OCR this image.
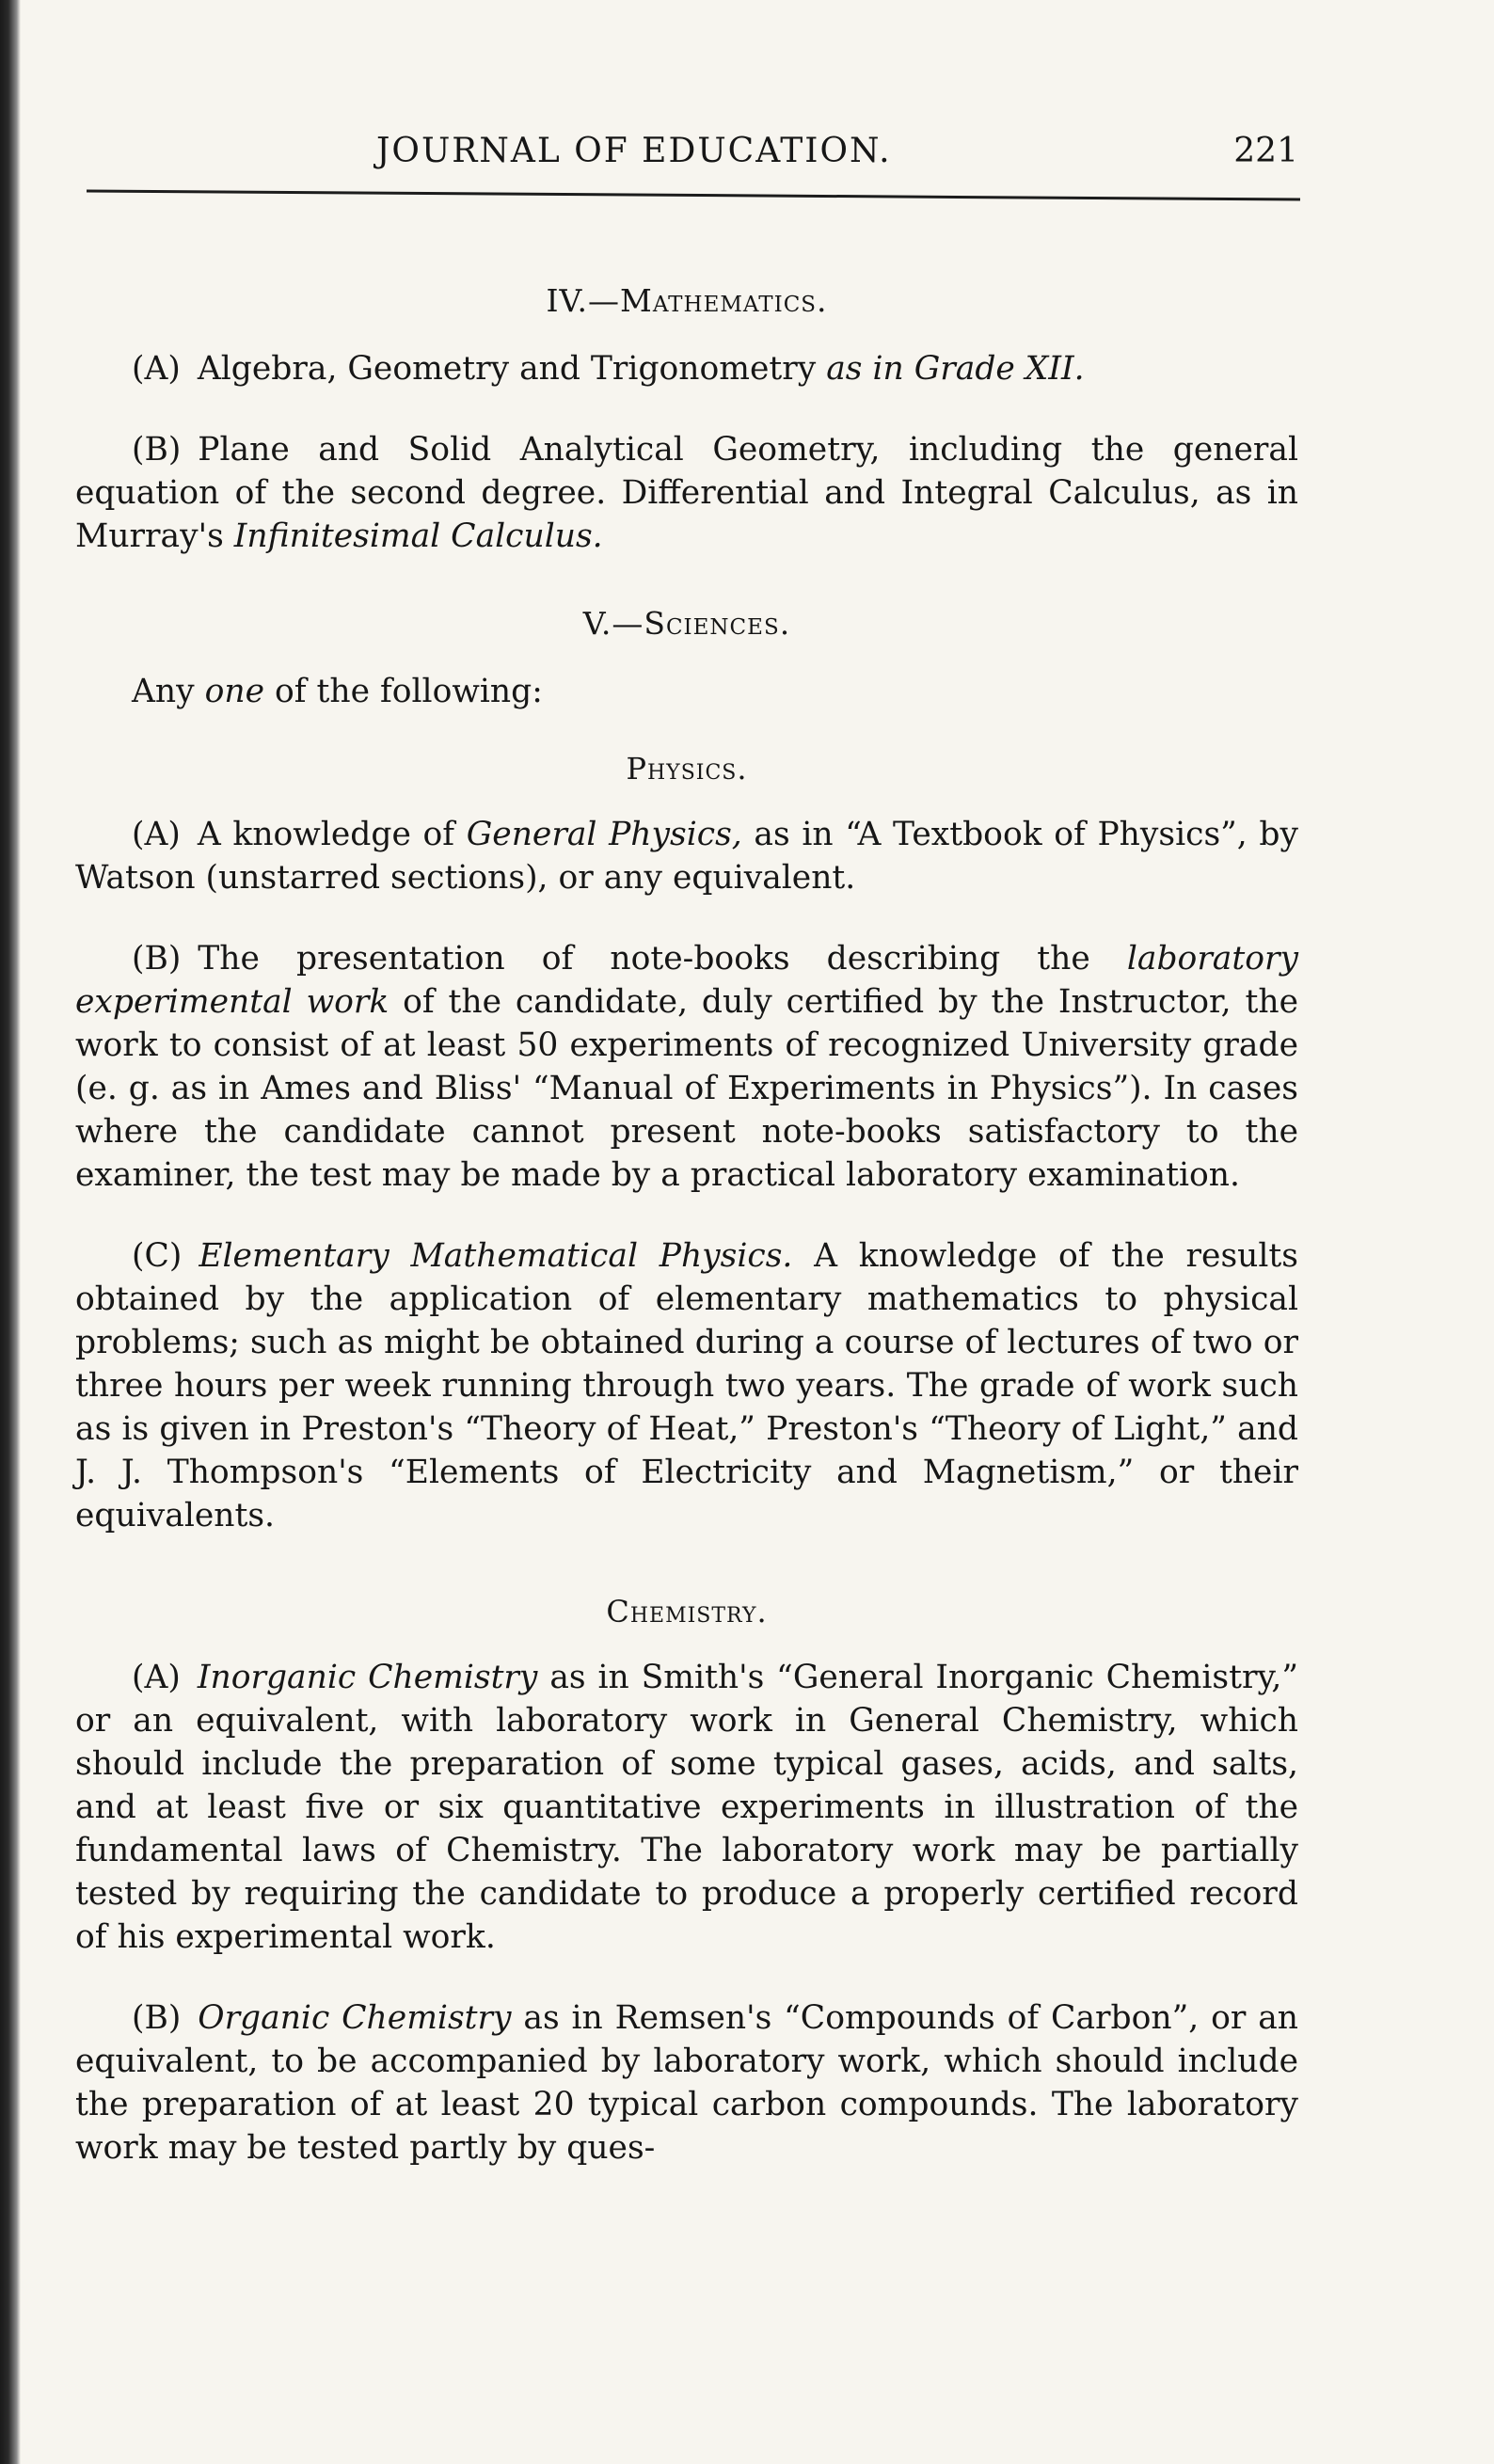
JOURNAL OF EDUCATION.	221
IV.—Mathematics.

(A) Algebra, Geometry and Trigonometry as in Grade XII.

(B) Plane and Solid Analytical Geometry, including the general equation of the second degree. Differential and Integral Calculus, as in Murray's Infinitesimal Calculus.

V.—Sciences.

Any one of the following:

Physics.

(A) A knowledge of General Physics, as in “A Textbook of Physics”, by Watson (unstarred sections), or any equivalent.

(B) The presentation of note-books describing the laboratory experimental work of the candidate, duly certified by the Instructor, the work to consist of at least 50 experiments of recognized University grade (e. g. as in Ames and Bliss' “Manual of Experiments in Physics”). In cases where the candidate cannot present note-books satisfactory to the examiner, the test may be made by a practical laboratory examination.

(C) Elementary Mathematical Physics. A knowledge of the results obtained by the application of elementary mathematics to physical problems; such as might be obtained during a course of lectures of two or three hours per week running through two years. The grade of work such as is given in Preston's “Theory of Heat,” Preston's “Theory of Light,” and J. J. Thompson's “Elements of Electricity and Magnetism,” or their equivalents.

Chemistry.

(A) Inorganic Chemistry as in Smith's “General Inorganic Chemistry,” or an equivalent, with laboratory work in General Chemistry, which should include the preparation of some typical gases, acids, and salts, and at least five or six quantitative experiments in illustration of the fundamental laws of Chemistry. The laboratory work may be partially tested by requiring the candidate to produce a properly certified record of his experimental work.

(B) Organic Chemistry as in Remsen's “Compounds of Carbon”, or an equivalent, to be accompanied by laboratory work, which should include the preparation of at least 20 typical carbon compounds. The laboratory work may be tested partly by ques-
